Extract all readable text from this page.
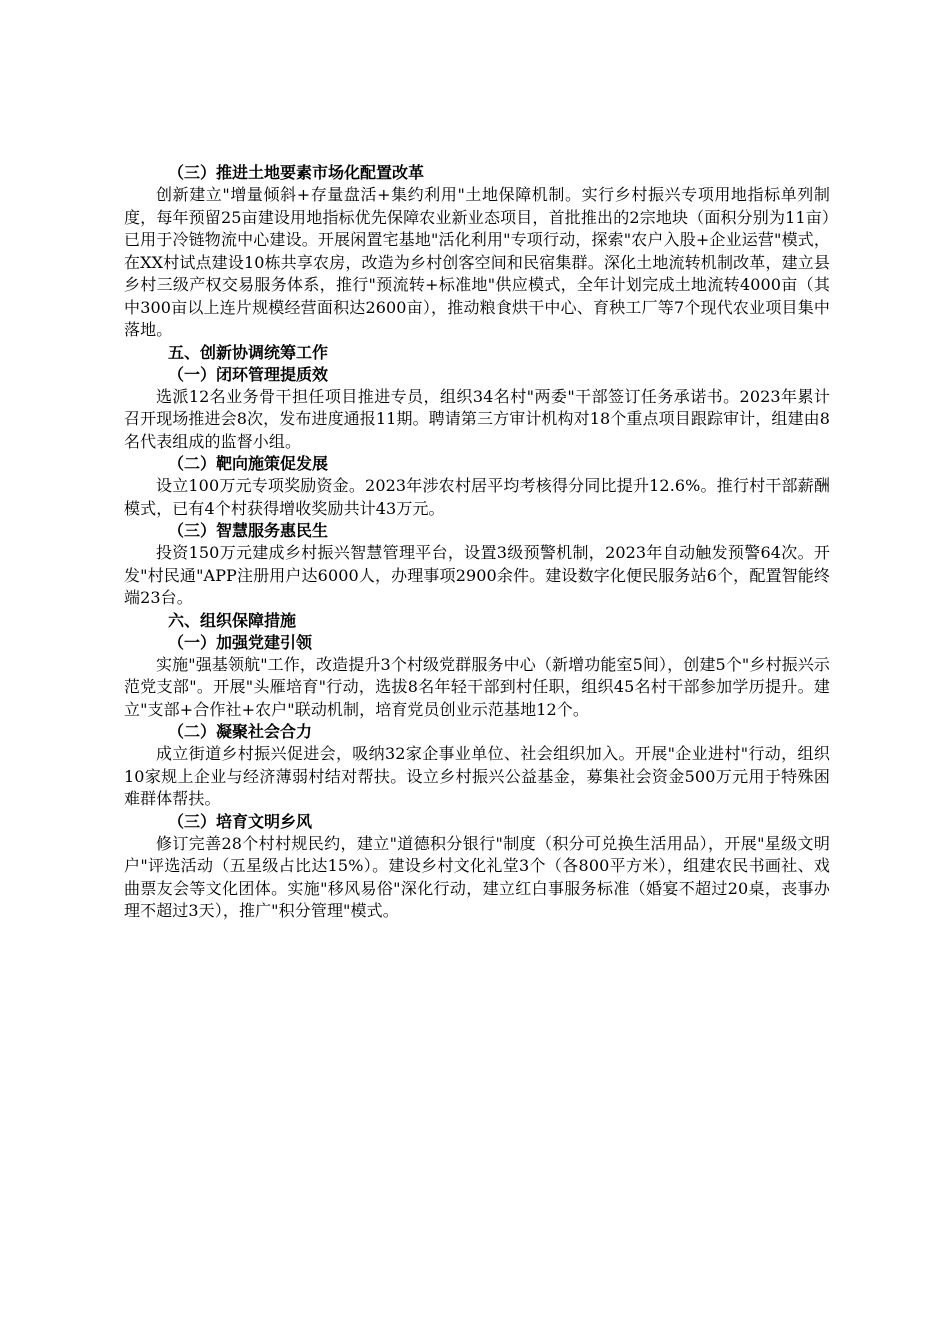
（三）推进土地要素市场化配置改革
创新建立"增量倾斜+存量盘活+集约利用"土地保障机制。实行乡村振兴专项用地指标单列制度，每年预留25亩建设用地指标优先保障农业新业态项目，首批推出的2宗地块（面积分别为11亩）已用于冷链物流中心建设。开展闲置宅基地"活化利用"专项行动，探索"农户入股+企业运营"模式，在XX村试点建设10栋共享农房，改造为乡村创客空间和民宿集群。深化土地流转机制改革，建立县乡村三级产权交易服务体系，推行"预流转+标准地"供应模式，全年计划完成土地流转4000亩（其中300亩以上连片规模经营面积达2600亩），推动粮食烘干中心、育秧工厂等7个现代农业项目集中落地。
五、创新协调统筹工作
（一）闭环管理提质效
选派12名业务骨干担任项目推进专员，组织34名村"两委"干部签订任务承诺书。2023年累计召开现场推进会8次，发布进度通报11期。聘请第三方审计机构对18个重点项目跟踪审计，组建由8名代表组成的监督小组。
（二）靶向施策促发展
设立100万元专项奖励资金。2023年涉农村居平均考核得分同比提升12.6%。推行村干部薪酬模式，已有4个村获得增收奖励共计43万元。
（三）智慧服务惠民生
投资150万元建成乡村振兴智慧管理平台，设置3级预警机制，2023年自动触发预警64次。开发"村民通"APP注册用户达6000人，办理事项2900余件。建设数字化便民服务站6个，配置智能终端23台。
六、组织保障措施
（一）加强党建引领
实施"强基领航"工作，改造提升3个村级党群服务中心（新增功能室5间），创建5个"乡村振兴示范党支部"。开展"头雁培育"行动，选拔8名年轻干部到村任职，组织45名村干部参加学历提升。建立"支部+合作社+农户"联动机制，培育党员创业示范基地12个。
（二）凝聚社会合力
成立街道乡村振兴促进会，吸纳32家企事业单位、社会组织加入。开展"企业进村"行动，组织10家规上企业与经济薄弱村结对帮扶。设立乡村振兴公益基金，募集社会资金500万元用于特殊困难群体帮扶。
（三）培育文明乡风
修订完善28个村村规民约，建立"道德积分银行"制度（积分可兑换生活用品），开展"星级文明户"评选活动（五星级占比达15%）。建设乡村文化礼堂3个（各800平方米），组建农民书画社、戏曲票友会等文化团体。实施"移风易俗"深化行动，建立红白事服务标准（婚宴不超过20桌，丧事办理不超过3天），推广"积分管理"模式。
